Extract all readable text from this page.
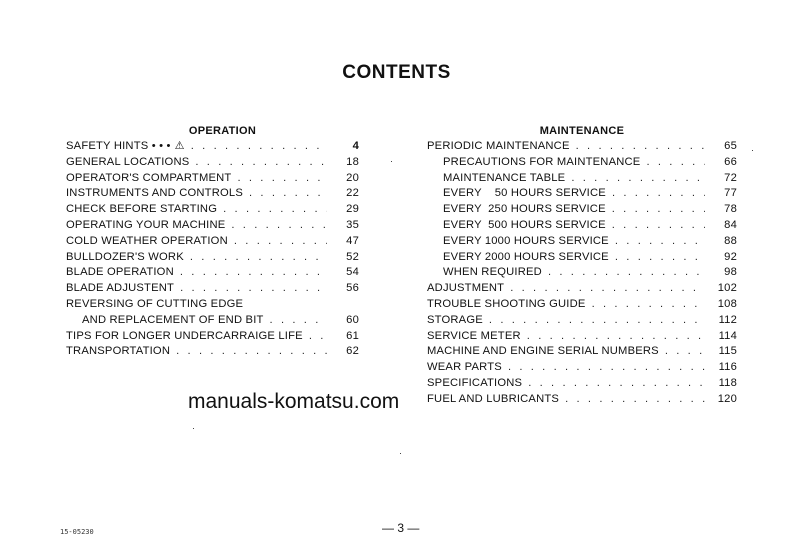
CONTENTS
OPERATION
SAFETY HINTS • • • ⚠ . . .	4
GENERAL LOCATIONS . . .	18
OPERATOR'S COMPARTMENT . . .	20
INSTRUMENTS AND CONTROLS . . .	22
CHECK BEFORE STARTING . . .	29
OPERATING YOUR MACHINE . . .	35
COLD WEATHER OPERATION . . .	47
BULLDOZER'S WORK . . .	52
BLADE OPERATION . . .	54
BLADE ADJUSTENT . . .	56
REVERSING OF CUTTING EDGE
AND REPLACEMENT OF END BIT . . .	60
TIPS FOR LONGER UNDERCARRAIGE LIFE . . .	61
TRANSPORTATION . . .	62
MAINTENANCE
PERIODIC MAINTENANCE . . .	65
PRECAUTIONS FOR MAINTENANCE . . .	66
MAINTENANCE TABLE . . .	72
EVERY    50 HOURS SERVICE . . .	77
EVERY  250 HOURS SERVICE . . .	78
EVERY  500 HOURS SERVICE . . .	84
EVERY 1000 HOURS SERVICE . . .	88
EVERY 2000 HOURS SERVICE . . .	92
WHEN REQUIRED . . .	98
ADJUSTMENT . . .	102
TROUBLE SHOOTING GUIDE . . .	108
STORAGE . . .	112
SERVICE METER . . .	114
MACHINE AND ENGINE SERIAL NUMBERS . . .	115
WEAR PARTS . . .	116
SPECIFICATIONS . . .	118
FUEL AND LUBRICANTS . . .	120
manuals-komatsu.com
15-05230	— 3 —
